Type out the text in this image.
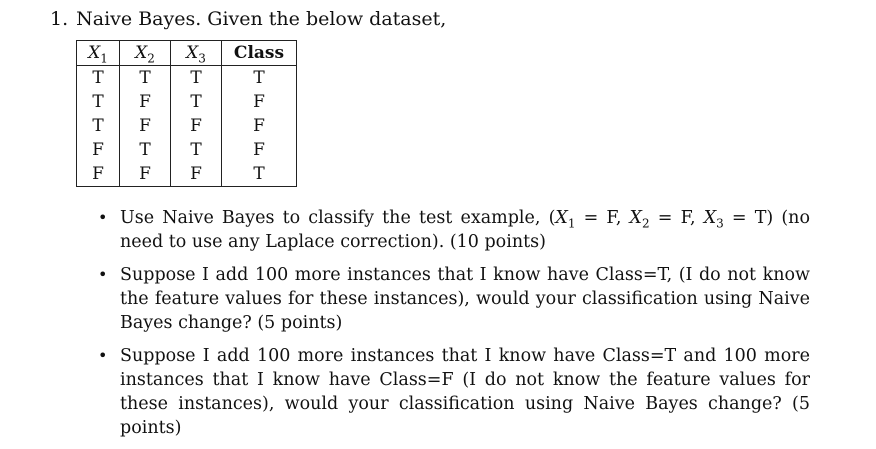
1. Naive Bayes. Given the below dataset,
$X_1$	$X_2$	$X_3$	Class
T	T	T	T
T	F	T	F
T	F	F	F
F	T	T	F
F	F	F	T
• Use Naive Bayes to classify the test example, ($X_1 = F$, $X_2 = F$, $X_3 = T$) (no need to use any Laplace correction). (10 points)
• Suppose I add 100 more instances that I know have Class=T, (I do not know the feature values for these instances), would your classification using Naive Bayes change? (5 points)
• Suppose I add 100 more instances that I know have Class=T and 100 more instances that I know have Class=F (I do not know the feature values for these instances), would your classification using Naive Bayes change? (5 points)
